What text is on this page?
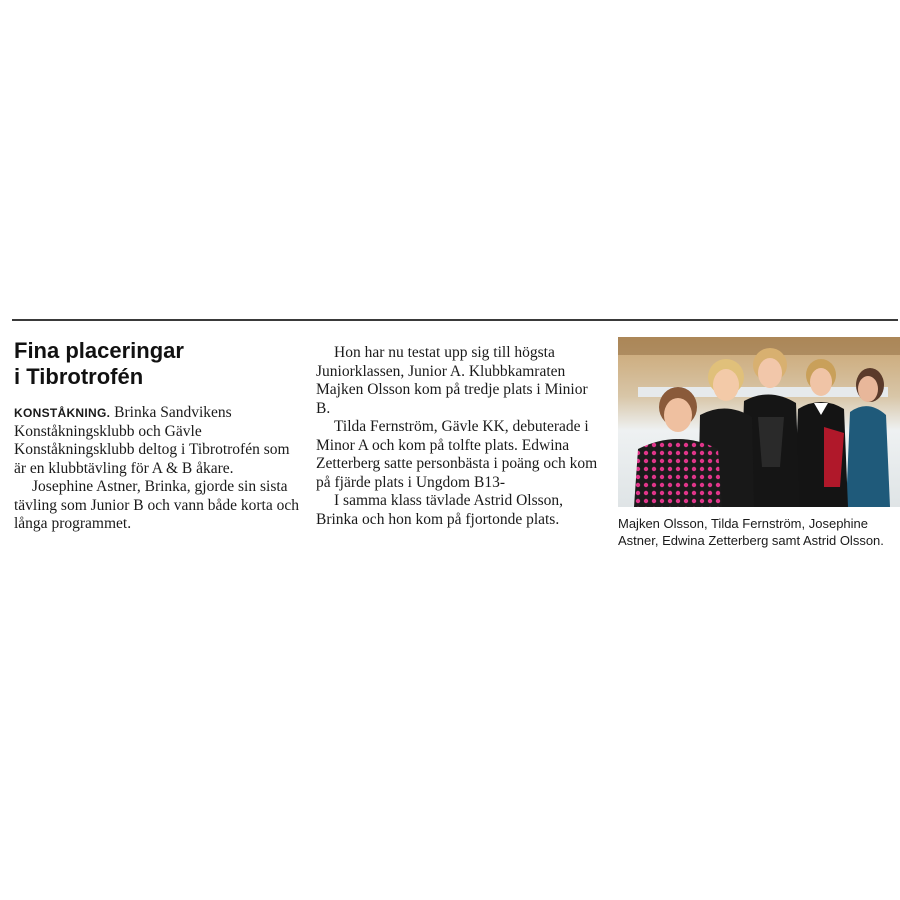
Fina placeringar
i Tibrotrofén

KONSTÅKNING. Brinka Sandvikens Konståkningsklubb och Gävle Konståkningsklubb deltog i Tibrotrofén som är en klubbtävling för A & B åkare.

Josephine Astner, Brinka, gjorde sin sista tävling som Junior B och vann både korta och långa programmet.

Hon har nu testat upp sig till högsta Juniorklassen, Junior A. Klubbkamraten Majken Olsson kom på tredje plats i Minior B.

Tilda Fernström, Gävle KK, debuterade i Minor A och kom på tolfte plats. Edwina Zetterberg satte personbästa i poäng och kom på fjärde plats i Ungdom B13-

I samma klass tävlade Astrid Olsson, Brinka och hon kom på fjortonde plats.	Majken Olsson, Tilda Fernström, Josephine Astner, Edwina Zetterberg samt Astrid Olsson.
